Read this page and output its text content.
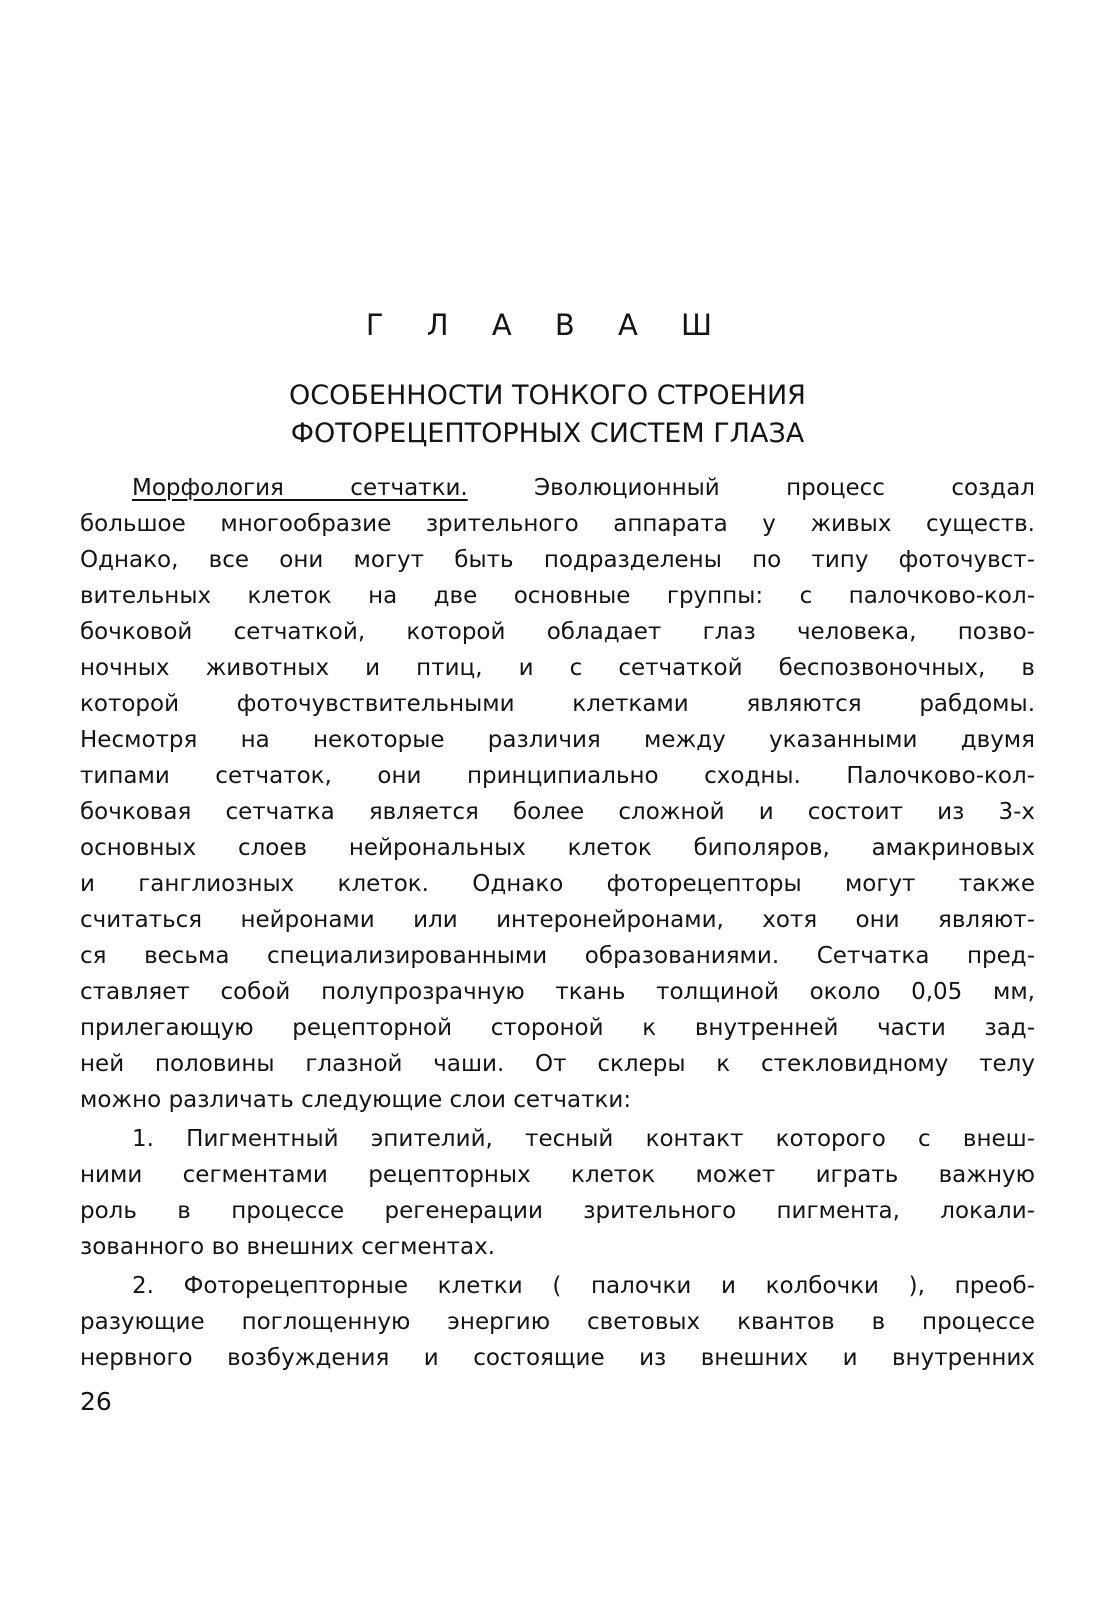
Г Л А В А Ш
ОСОБЕННОСТИ ТОНКОГО СТРОЕНИЯ
ФОТОРЕЦЕПТОРНЫХ СИСТЕМ ГЛАЗА
Морфология сетчатки.	Эволюционный процесс создал
большое многообразие зрительного аппарата у живых существ.
Однако, все они могут быть подразделены по типу фоточувст-
вительных клеток на две основные группы: с палочково-кол-
бочковой сетчаткой, которой обладает глаз человека, позво-
ночных животных и птиц, и с сетчаткой беспозвоночных, в
которой фоточувствительными клетками являются рабдомы.
Несмотря на некоторые различия между указанными двумя
типами сетчаток, они принципиально сходны. Палочково-кол-
бочковая сетчатка является более сложной и состоит из 3-х
основных слоев нейрональных клеток биполяров, амакриновых
и ганглиозных клеток. Однако фоторецепторы могут также
считаться нейронами или интеронейронами, хотя они являют-
ся весьма специализированными образованиями. Сетчатка пред-
ставляет собой полупрозрачную ткань толщиной около 0,05 мм,
прилегающую рецепторной стороной к внутренней части зад-
ней половины глазной чаши. От склеры к стекловидному телу
можно различать следующие слои сетчатки:
1. Пигментный эпителий, тесный контакт которого с внеш-
ними сегментами рецепторных клеток может играть важную
роль в процессе регенерации зрительного пигмента, локали-
зованного во внешних сегментах.
2. Фоторецепторные клетки ( палочки и колбочки ), преоб-
разующие поглощенную энергию световых квантов в процессе
нервного возбуждения и состоящие из внешних и внутренних
26
